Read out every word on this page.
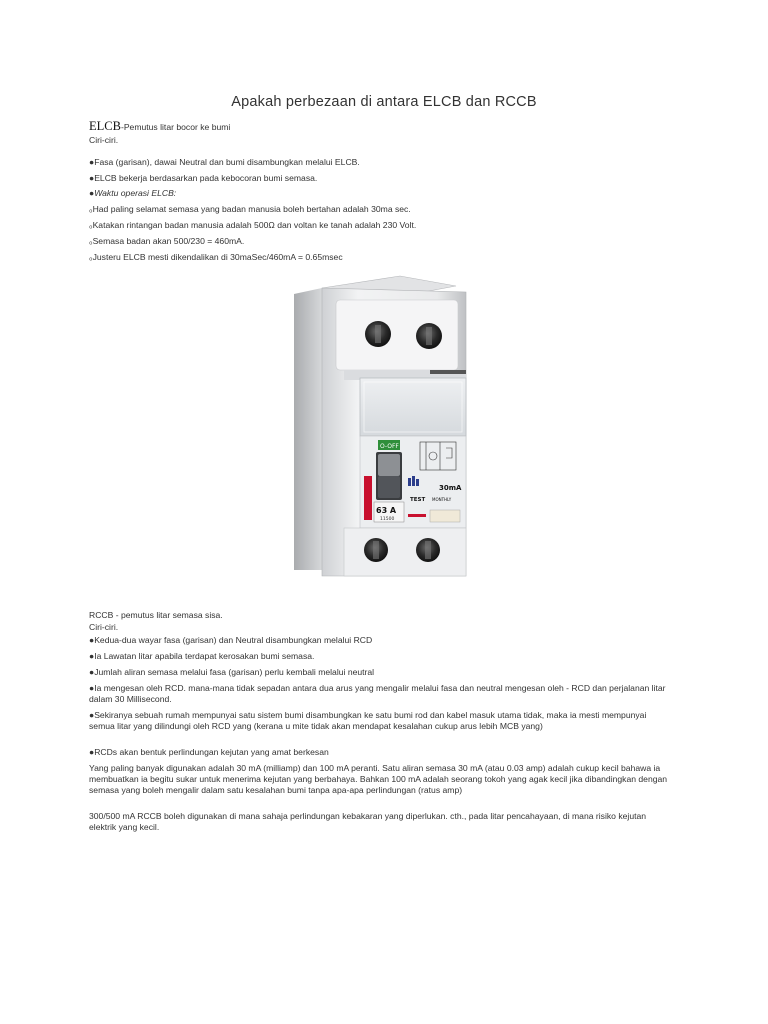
Apakah perbezaan di antara ELCB dan RCCB
ELCB-Pemutus litar bocor ke bumi
Ciri-ciri.
●Fasa (garisan), dawai Neutral dan bumi disambungkan melalui ELCB.
●ELCB bekerja berdasarkan pada kebocoran bumi semasa.
●Waktu operasi ELCB:
₀Had paling selamat semasa yang badan manusia boleh bertahan adalah 30ma sec.
₀Katakan rintangan badan manusia adalah 500Ω dan voltan ke tanah adalah 230 Volt.
₀Semasa badan akan 500/230 = 460mA.
₀Justeru ELCB mesti dikendalikan di 30maSec/460mA = 0.65msec
O-OFF
63 A
11500
30mA
TEST MONTHLY
RCCB - pemutus litar semasa sisa.
Ciri-ciri.
●Kedua-dua wayar fasa (garisan) dan Neutral disambungkan melalui RCD
●Ia Lawatan litar apabila terdapat kerosakan bumi semasa.
●Jumlah aliran semasa melalui fasa (garisan) perlu kembali melalui neutral
●Ia mengesan oleh RCD. mana-mana tidak sepadan antara dua arus yang mengalir melalui fasa dan neutral mengesan oleh - RCD dan perjalanan litar dalam 30 Millisecond.
●Sekiranya sebuah rumah mempunyai satu sistem bumi disambungkan ke satu bumi rod dan kabel masuk utama tidak, maka ia mesti mempunyai semua litar yang dilindungi oleh RCD yang (kerana u mite tidak akan mendapat kesalahan cukup arus lebih MCB yang)
●RCDs akan bentuk perlindungan kejutan yang amat berkesan
Yang paling banyak digunakan adalah 30 mA (milliamp) dan 100 mA peranti. Satu aliran semasa 30 mA (atau 0.03 amp) adalah cukup kecil bahawa ia membuatkan ia begitu sukar untuk menerima kejutan yang berbahaya. Bahkan 100 mA adalah seorang tokoh yang agak kecil jika dibandingkan dengan semasa yang boleh mengalir dalam satu kesalahan bumi tanpa apa-apa perlindungan (ratus amp)
300/500 mA RCCB boleh digunakan di mana sahaja perlindungan kebakaran yang diperlukan. cth., pada litar pencahayaan, di mana risiko kejutan elektrik yang kecil.
